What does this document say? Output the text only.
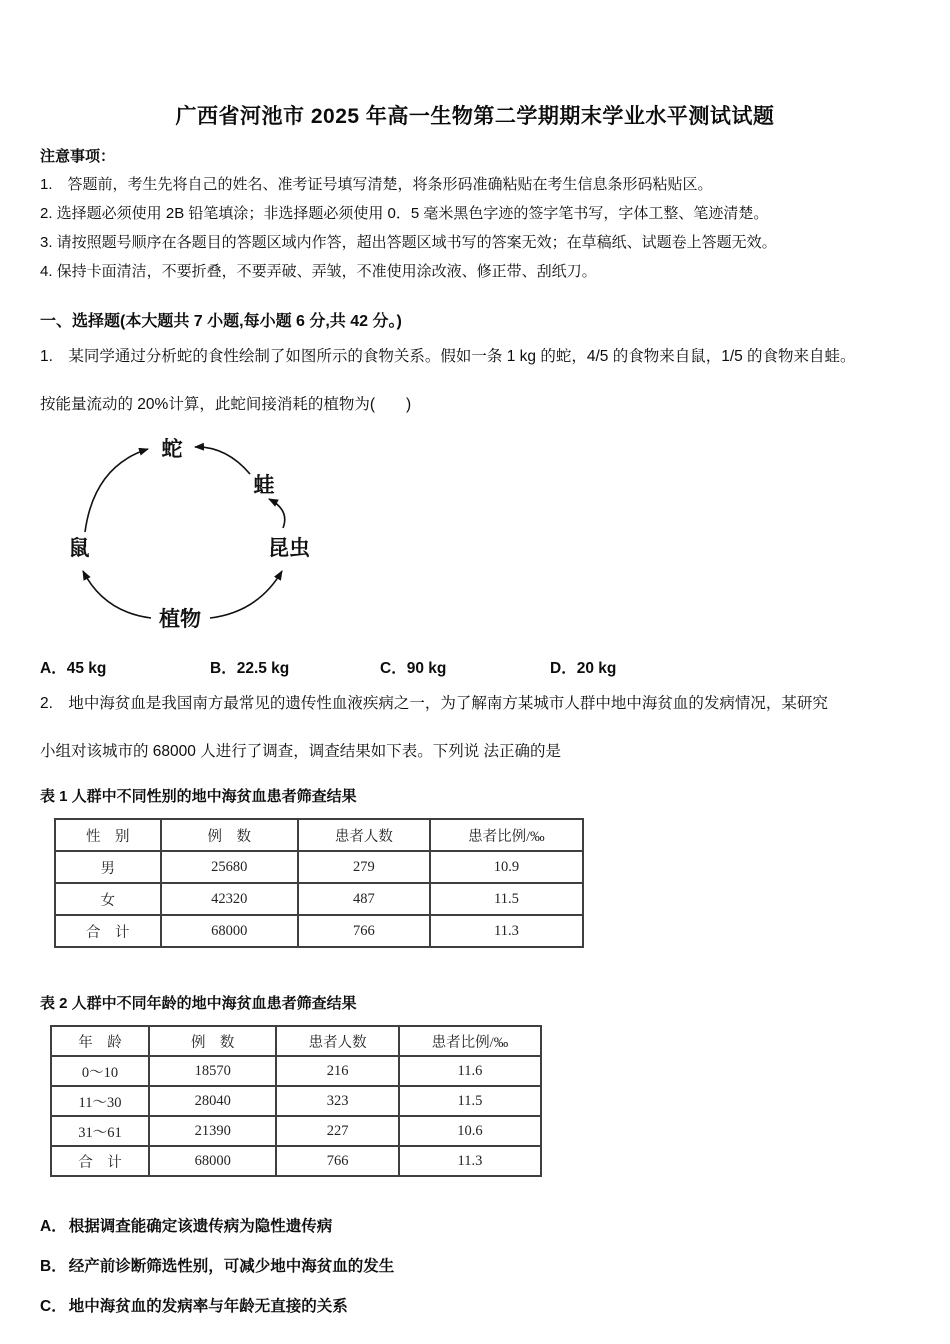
广西省河池市 2025 年高一生物第二学期期末学业水平测试试题
注意事项：
1.　答题前，考生先将自己的姓名、准考证号填写清楚，将条形码准确粘贴在考生信息条形码粘贴区。
2. 选择题必须使用 2B 铅笔填涂；非选择题必须使用 0．5 毫米黑色字迹的签字笔书写，字体工整、笔迹清楚。
3. 请按照题号顺序在各题目的答题区域内作答，超出答题区域书写的答案无效；在草稿纸、试题卷上答题无效。
4. 保持卡面清洁，不要折叠，不要弄破、弄皱，不准使用涂改液、修正带、刮纸刀。
一、选择题(本大题共 7 小题,每小题 6 分,共 42 分。)
1.　某同学通过分析蛇的食性绘制了如图所示的食物关系。假如一条 1 kg 的蛇，4/5 的食物来自鼠，1/5 的食物来自蛙。
按能量流动的 20%计算，此蛇间接消耗的植物为(　　)
蛇
蛙
昆虫
鼠
植物
A．45 kg	B．22.5 kg	C．90 kg	D．20 kg
2.　地中海贫血是我国南方最常见的遗传性血液疾病之一，为了解南方某城市人群中地中海贫血的发病情况，某研究
小组对该城市的 68000 人进行了调查，调查结果如下表。下列说 法正确的是
表 1 人群中不同性别的地中海贫血患者筛查结果
性　别	例　数	患者人数	患者比例/‰
男	25680	279	10.9
女	42320	487	11.5
合　计	68000	766	11.3
表 2 人群中不同年龄的地中海贫血患者筛查结果
年　龄	例　数	患者人数	患者比例/‰
0～10	18570	216	11.6
11～30	28040	323	11.5
31～61	21390	227	10.6
合　计	68000	766	11.3
A． 根据调查能确定该遗传病为隐性遗传病
B． 经产前诊断筛选性别，可减少地中海贫血的发生
C． 地中海贫血的发病率与年龄无直接的关系
